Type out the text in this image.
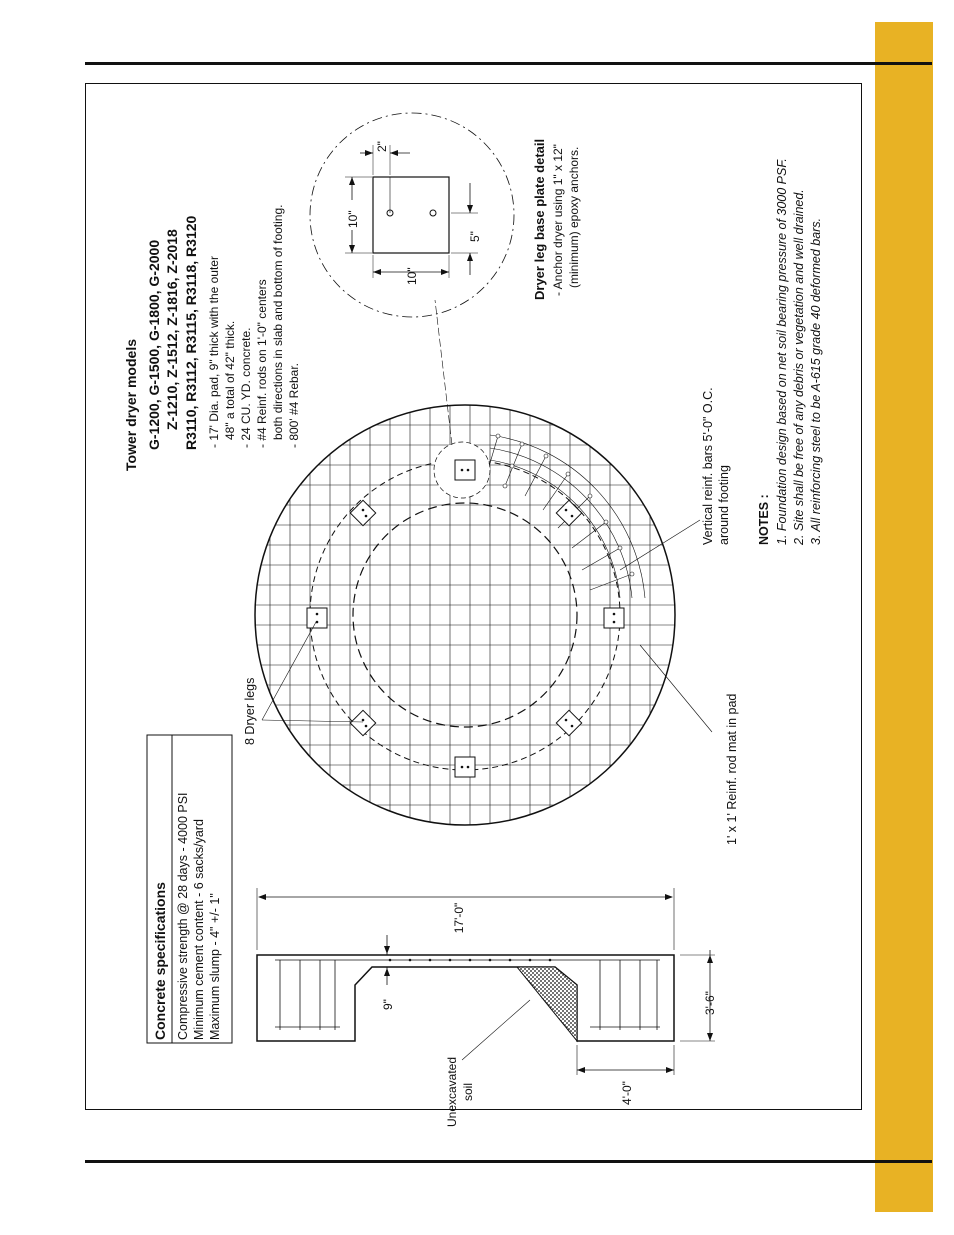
Concrete specifications Compressive strength @ 28 days - 4000 PSI Minimum cement content - 6 sacks/yard Maximum slump - 4" +/- 1"	17'-0"
9"	3'-6"
4'-0"
Unexcavated soil
8 Dryer legs	1' x 1' Reinf. rod mat in pad
Vertical reinf. bars 5'-0" O.C. around footing
Tower dryer models G-1200, G-1500, G-1800, G-2000 Z-1210, Z-1512, Z-1816, Z-2018 R3110, R3112, R3115, R3118, R3120 - 17' Dia. pad, 9" thick with the outer 48" a total of 42" thick. - 24 CU. YD. concrete. - #4 Reinf. rods on 1'-0" centers both directions in slab and bottom of footing. - 800' #4 Rebar.
2"
10"
10"
5"	Dryer leg base plate detail - Anchor dryer using 1" x 12" (minimum) epoxy anchors.
NOTES : 1. Foundation design based on net soil bearing pressure of 3000 PSF. 2. Site shall be free of any debris or vegetation and well drained. 3. All reinforcing steel to be A-615 grade 40 deformed bars.
